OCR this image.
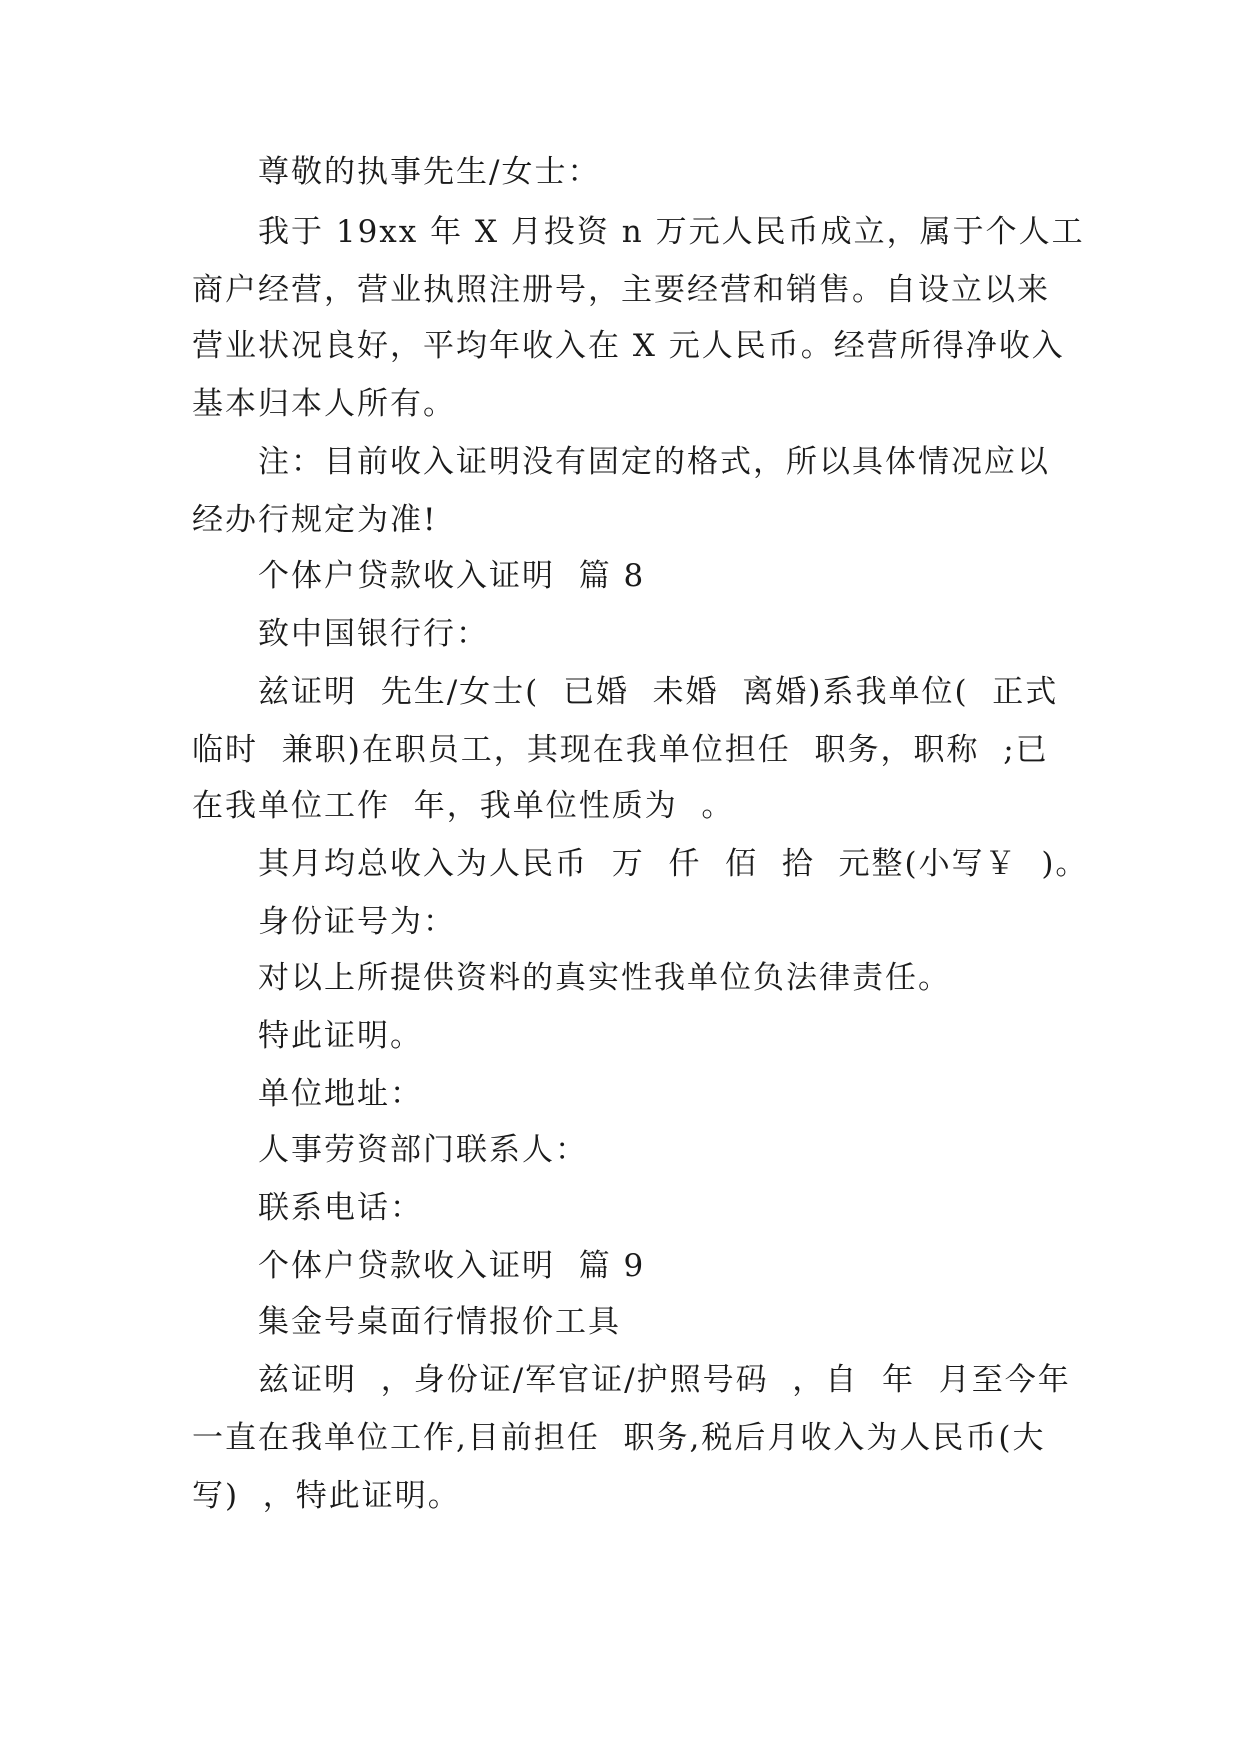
尊敬的执事先生/女士：
我于 19xx 年 X 月投资 n 万元人民币成立，属于个人工
商户经营，营业执照注册号，主要经营和销售。自设立以来
营业状况良好，平均年收入在 X 元人民币。经营所得净收入
基本归本人所有。
注：目前收入证明没有固定的格式，所以具体情况应以
经办行规定为准!
个体户贷款收入证明  篇 8
致中国银行行：
兹证明  先生/女士(  已婚  未婚  离婚)系我单位(  正式
临时  兼职)在职员工，其现在我单位担任  职务，职称  ;已
在我单位工作  年，我单位性质为  。
其月均总收入为人民币  万  仟  佰  拾  元整(小写￥  )。
身份证号为：
对以上所提供资料的真实性我单位负法律责任。
特此证明。
单位地址：
人事劳资部门联系人：
联系电话：
个体户贷款收入证明  篇 9
集金号桌面行情报价工具
兹证明  ，身份证/军官证/护照号码  ，自  年  月至今年
一直在我单位工作,目前担任  职务,税后月收入为人民币(大
写)  ，特此证明。
